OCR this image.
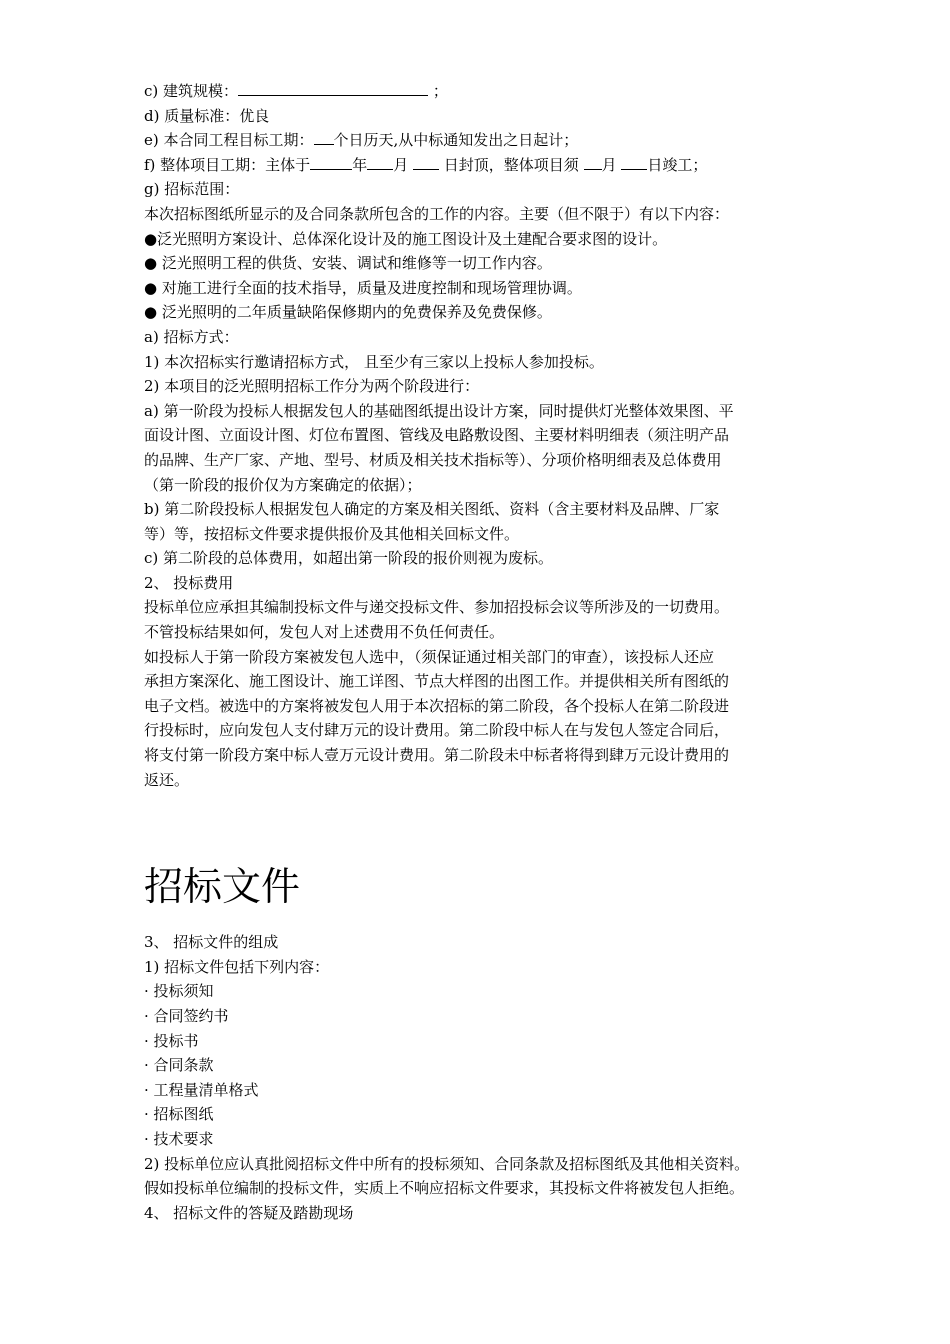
c) 建筑规模：	；
d) 质量标准：优良
e) 本合同工程目标工期： 个日历天,从中标通知发出之日起计；
f) 整体项目工期：主体于	年 月 日封顶，整体项目须 月 日竣工；
g) 招标范围：
本次招标图纸所显示的及合同条款所包含的工作的内容。主要（但不限于）有以下内容：
●泛光照明方案设计、总体深化设计及的施工图设计及土建配合要求图的设计。
● 泛光照明工程的供货、安装、调试和维修等一切工作内容。
● 对施工进行全面的技术指导，质量及进度控制和现场管理协调。
● 泛光照明的二年质量缺陷保修期内的免费保养及免费保修。
a) 招标方式：
1) 本次招标实行邀请招标方式， 且至少有三家以上投标人参加投标。
2) 本项目的泛光照明招标工作分为两个阶段进行：
a) 第一阶段为投标人根据发包人的基础图纸提出设计方案，同时提供灯光整体效果图、平
面设计图、立面设计图、灯位布置图、管线及电路敷设图、主要材料明细表（须注明产品
的品牌、生产厂家、产地、型号、材质及相关技术指标等）、分项价格明细表及总体费用
（第一阶段的报价仅为方案确定的依据）；
b) 第二阶段投标人根据发包人确定的方案及相关图纸、资料（含主要材料及品牌、厂家
等）等，按招标文件要求提供报价及其他相关回标文件。
c) 第二阶段的总体费用，如超出第一阶段的报价则视为废标。
2、 投标费用
投标单位应承担其编制投标文件与递交投标文件、参加招投标会议等所涉及的一切费用。
不管投标结果如何，发包人对上述费用不负任何责任。
如投标人于第一阶段方案被发包人选中，（须保证通过相关部门的审查），该投标人还应
承担方案深化、施工图设计、施工详图、节点大样图的出图工作。并提供相关所有图纸的
电子文档。被选中的方案将被发包人用于本次招标的第二阶段，各个投标人在第二阶段进
行投标时，应向发包人支付肆万元的设计费用。第二阶段中标人在与发包人签定合同后，
将支付第一阶段方案中标人壹万元设计费用。第二阶段未中标者将得到肆万元设计费用的
返还。
招标文件
3、 招标文件的组成
1) 招标文件包括下列内容：
· 投标须知
· 合同签约书
· 投标书
· 合同条款
· 工程量清单格式
· 招标图纸
· 技术要求
2) 投标单位应认真批阅招标文件中所有的投标须知、合同条款及招标图纸及其他相关资料。
假如投标单位编制的投标文件，实质上不响应招标文件要求，其投标文件将被发包人拒绝。
4、 招标文件的答疑及踏勘现场
